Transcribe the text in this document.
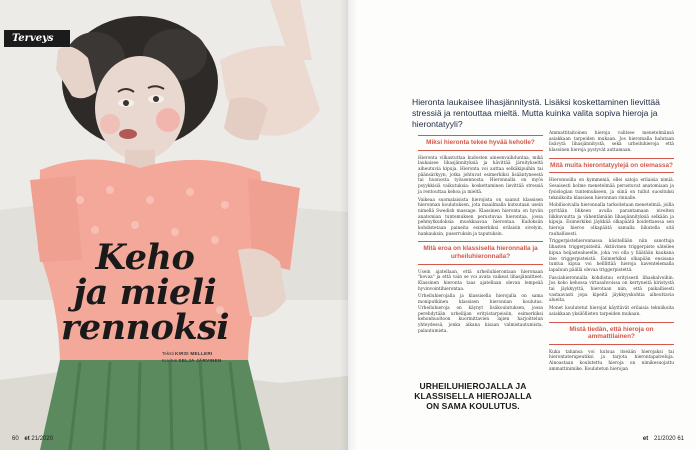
Terveys
Keho
ja mieli
rennoksi
Teksti KIRSI MELLERI
Kuvitus SELJA JÄRVINEN
60 et 21/2020
Hieronta laukaisee lihasjännitystä. Lisäksi koskettaminen lievittää stressiä ja rentouttaa mieltä. Mutta kuinka valita sopiva hieroja ja hierontatyyli?
Miksi hieronta tekee hyvää keholle?

Hieronta vilkastuttaa kudosten aineenvaihduntaa, mikä laukaisee lihasjännityksiä ja hävittää järeitykseltä aiheutuvia kipuja. Hieronta voi auttaa selkäkipuihin tai päänsärkyyn, jotka johtuvat esimerkiksi lisääntyneestä tai huonosta työasennosta. Hieronnalla on myös psyykkisiä vaikutuksia: koskettaminen lievittää stressiä ja rentouttaa kehoa ja mieltä.

Vaikeaa suomalaisista hierojista on saanut klassisen hieronnan koulutuksen, jota maailmalla kutsutaan usein nimellä Swedish massage. Klassinen hieronta on hyvän anatomian tuntemuksen perustuvaa hierontaa, jossa pehmytkudoksia muokkaavaa hierontaa. Kudoksiin kohdistetaan paineita esimerkiksi erilaisin sivelyin, hankauksin, puserruksin ja taputuksin.

Mitä eroa on klassisella hieronnalla ja urheiluhieronnalla?

Usein ajatellaan, että urheiluhierontaan hieronaan "kovaa" ja että vain se voi avata vaikeat lihasjännitteet. Klassinen hieronta taas ajatellaan olevan lempeää hyvinvointihierontaa.

Urheiluhierojalla ja klassisella hierojalla on sama moniputkinen klassisen hieronnan koulutus. Urheiluhieroja on käynyt lisäkoulutuksen, jossa perehdytään urheilijan erityistarpeisiin, esimerkiksi kehonhuoltoon kuormittavien lajien harjoittelun yhteydessä, jonka aikana kisaan valmistautumista, palautumista.

Ammattitaitoinen hieroja valitsee menetelmänsä asiakkaan tarpeiden mukaan. Jos hieromalla halutaan lisävytä lihasjännitystä, sekä urheiluhieroja että klassinen hieroja pystyvät auttamaan.

Mitä muita hierontatyylejä on olemassa?

Hieronnoilla on kymmeniä, ellei satoja erilaisia nimiä. Sesaisesti kolme menetelmää perustuvat anatomiaan ja fysiologian tuntemukseen, ja siinä on tullut suosituksi tekniikoita klassisen hieronnan rinnalle.

Mobilisoivalla hieronnalla tarkoitetaan menetelmiä, joilla pyritään lihkeen avulla parantamaan nivelten liikkuvuutta ja vähentämään lihasjännityksiä selkään ja kipuja. Esimerkiksi jäykkää olkapäätä hoidettaessa sen hieroja hieroo olkapäätä samalla liikutella sitä rauhallisesti.

Triggerpistehieronnassa käsitellään niin sanottuja lihasten triggerpisteitä. Aktiivinen triggerpiste säteilee kipua heijastealueelle, joka voi olla y lläätään kaukana itse triggerpisteistä. Esimerkiksi olkapään ensisana tuntua kipua voi helllittää hieroja kaventelemalla lapaluun päällä olevaa triggerpistettä.

Fasciahieronnalla kohdistuu erityisesti lihaskalvoihin. Jos koko kehossa virtasahvoissa on kertyneitä kiristystä tai jäykkyyttä, hierotaan niin, että paikallisesti vastaavasti jopa kipeitä jäykkyyskohtia aiheuttavia alueita.

Monet koulutetut hierojat käyttävät erilaisia tekniikoita asiakkaan yksilöllisten tarpeiden mukaan.

Mistä tiedän, että hieroja on ammattilainen?

Kuka tahansa voi kutsua itseään hierojaksi tai hierontaterapeutiksi ja tarjota hierontapalveluja. Ainoastaan koulutettu hieroja on nimikesuojattu ammattinimike. Koulutetun hierojan

URHEILUHIEROJALLA JA KLASSISELLA HIEROJALLA ON SAMA KOULUTUS.
et 21/2020 61
